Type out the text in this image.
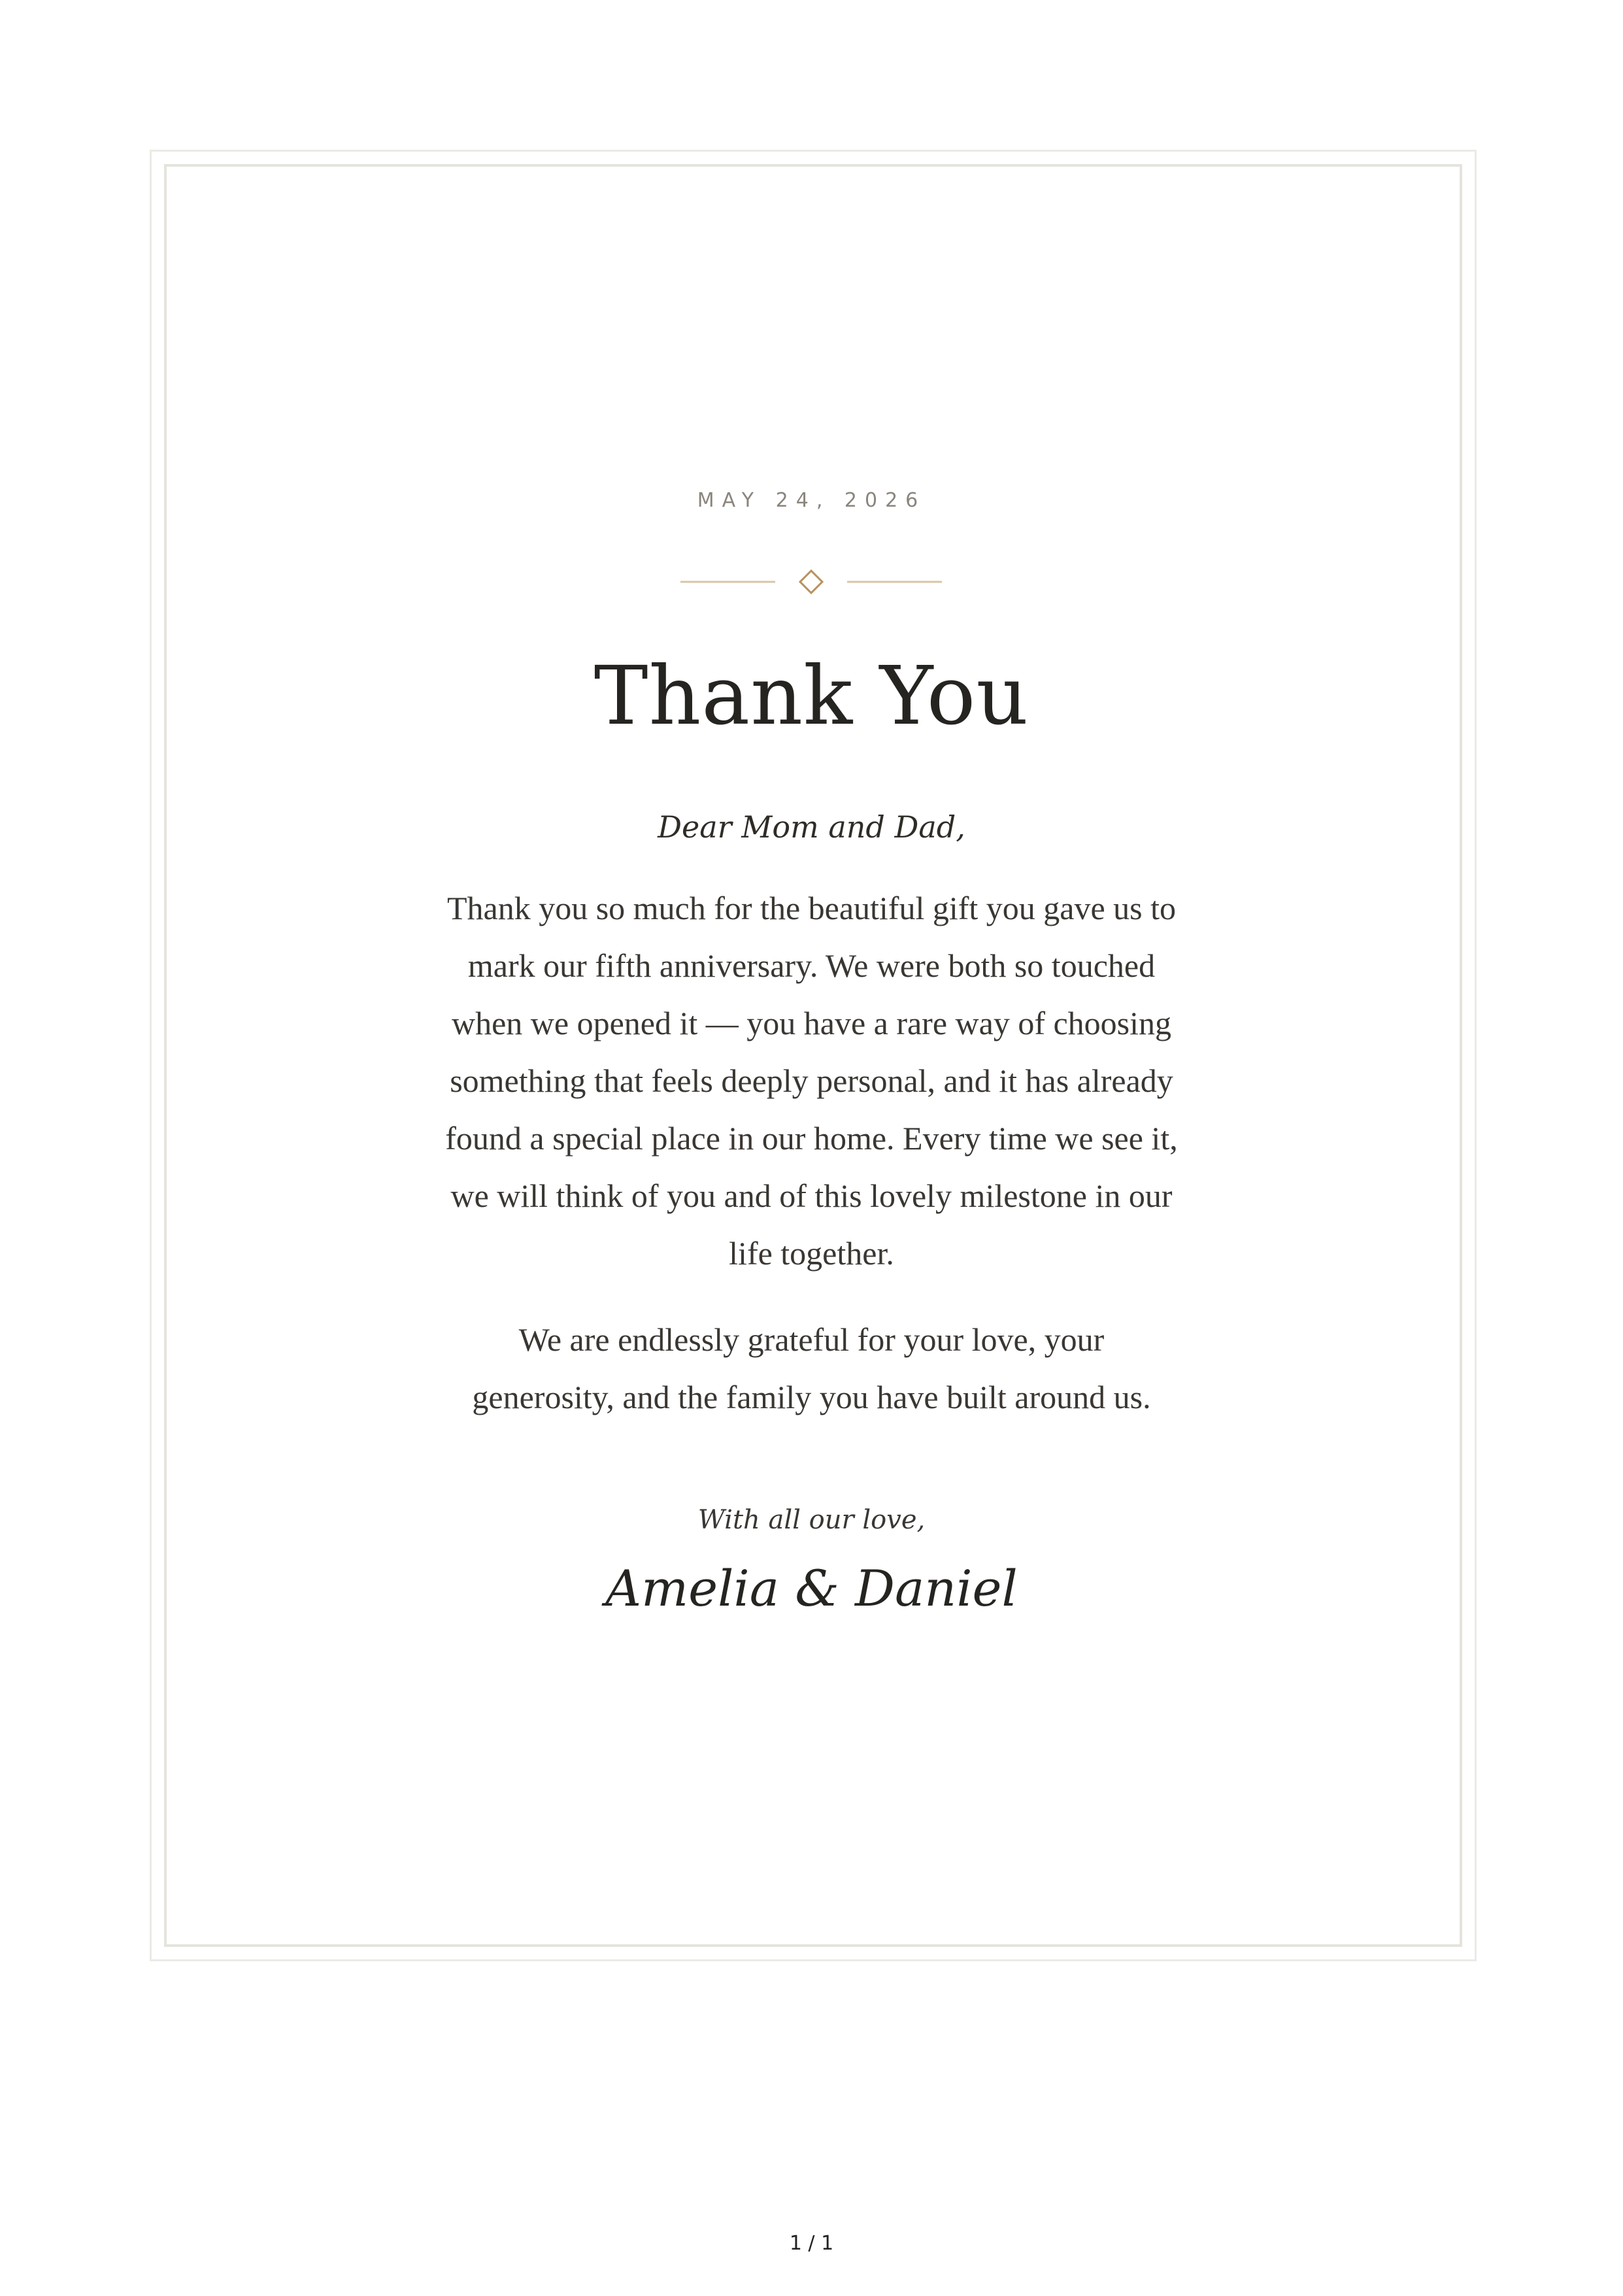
MAY 24, 2026
Thank You
Dear Mom and Dad,

Thank you so much for the beautiful gift you gave us to mark our fifth anniversary. We were both so touched when we opened it — you have a rare way of choosing something that feels deeply personal, and it has already found a special place in our home. Every time we see it, we will think of you and of this lovely milestone in our life together.

We are endlessly grateful for your love, your generosity, and the family you have built around us.

With all our love,
Amelia & Daniel
1 / 1
